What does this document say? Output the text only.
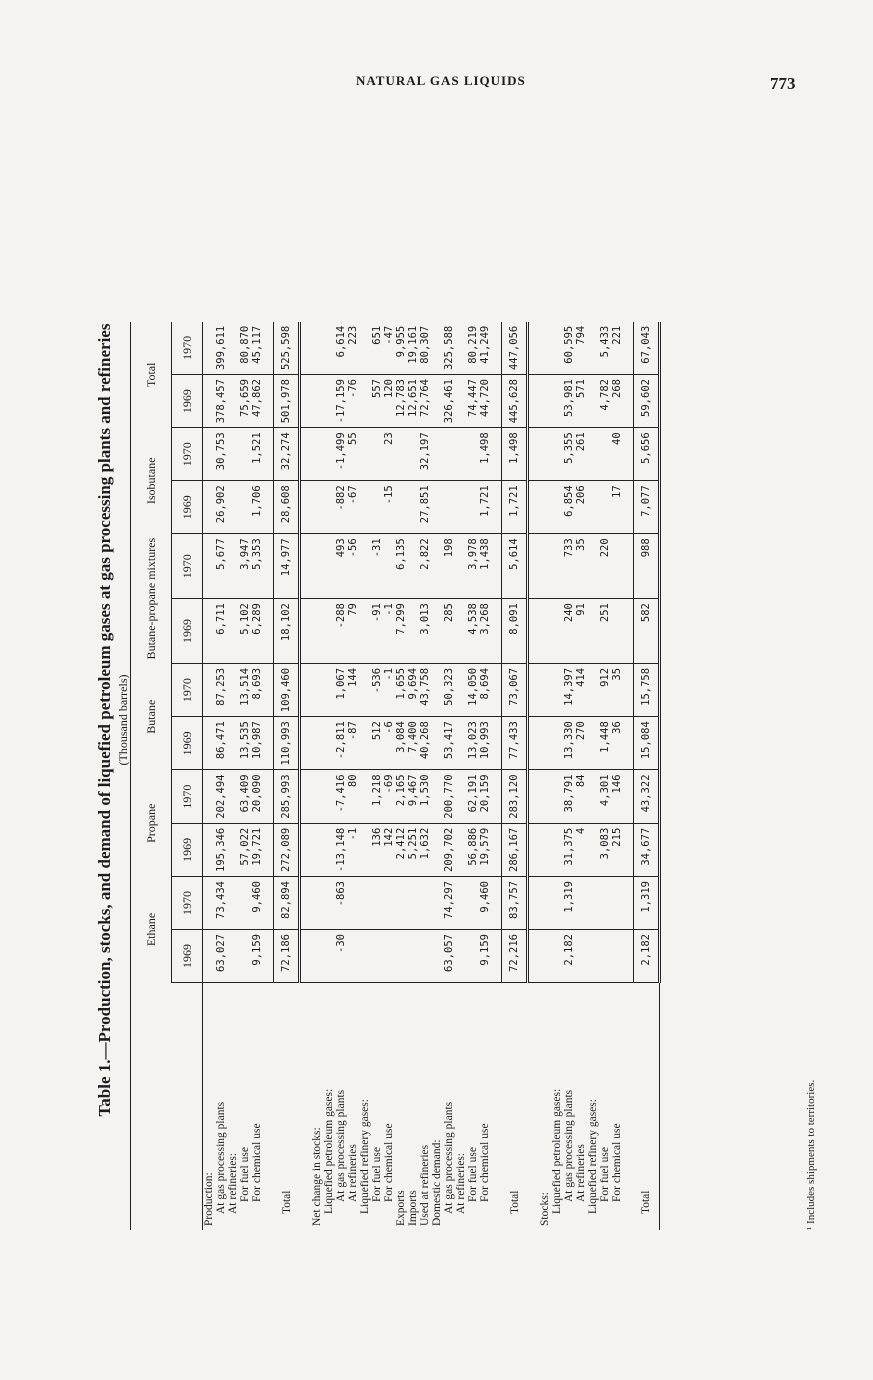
NATURAL GAS LIQUIDS	773
Table 1.—Production, stocks, and demand of liquefied petroleum gases at gas processing plants and refineries (Thousand barrels)
	Ethane		Propane		Butane		Butane-propane mixtures		Isobutane		Total	
	1969	1970	1969	1970	1969	1970	1969	1970	1969	1970	1969	1970
Production:												
At gas processing plants	63,027	73,434	195,346	202,494	86,471	87,253	6,711	5,677	26,902	30,753	378,457	399,611
At refineries:												
For fuel use			57,022	63,409	13,535	13,514	5,102	3,947			75,659	80,870
For chemical use	9,159	9,460	19,721	20,090	10,987	8,693	6,289	5,353	1,706	1,521	47,862	45,117

Total	72,186	82,894	272,089	285,993	110,993	109,460	18,102	14,977	28,608	32,274	501,978	525,598

Net change in stocks:												
Liquefied petroleum gases:												
At gas processing plants	-30	-863	-13,148	-7,416	-2,811	1,067	-288	493	-882	-1,499	-17,159	6,614
At refineries			-1	80	-87	144	79	-56	-67	55	-76	223
Liquefied refinery gases:												
For fuel use			136	1,218	512	-536	-91	-31			557	651
For chemical use			142	-69	-6	-1	-1		-15	23	120	-47
Exports			2,412	2,165	3,084	1,655	7,299	6,135			12,783	9,955
Imports			5,251	9,467	7,400	9,694					12,651	19,161
Used at refineries			1,632	1,530	40,268	43,758	3,013	2,822	27,851	32,197	72,764	80,307
Domestic demand:												
At gas processing plants	63,057	74,297	209,702	200,770	53,417	50,323	285	198			326,461	325,588
At refineries:												
For fuel use			56,886	62,191	13,023	14,050	4,538	3,978			74,447	80,219
For chemical use	9,159	9,460	19,579	20,159	10,993	8,694	3,268	1,438	1,721	1,498	44,720	41,249

Total	72,216	83,757	286,167	283,120	77,433	73,067	8,091	5,614	1,721	1,498	445,628	447,056

Stocks:												
Liquefied petroleum gases:												
At gas processing plants	2,182	1,319	31,375	38,791	13,330	14,397	240	733	6,854	5,355	53,981	60,595
At refineries			4	84	270	414	91	35	206	261	571	794
Liquefied refinery gases:												
For fuel use			3,083	4,301	1,448	912	251	220			4,782	5,433
For chemical use			215	146	36	35			17	40	268	221

Total	2,182	1,319	34,677	43,322	15,084	15,758	582	988	7,077	5,656	59,602	67,043
¹ Includes shipments to territories.
